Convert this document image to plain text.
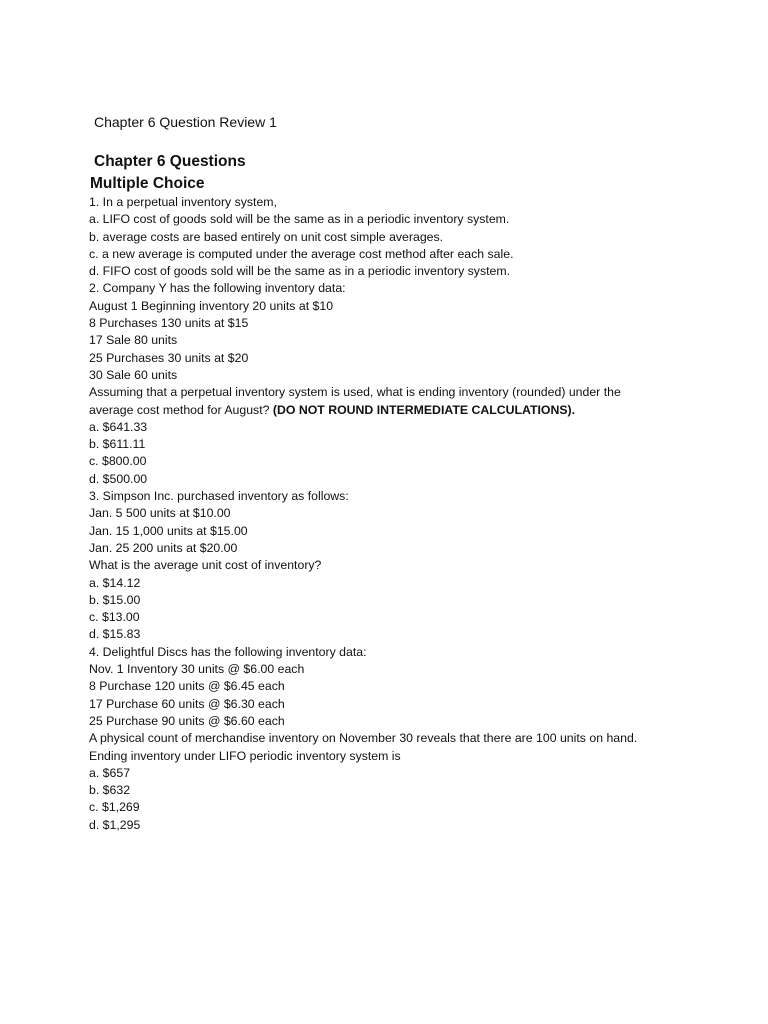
Chapter 6 Question Review 1
Chapter 6 Questions
Multiple Choice
1. In a perpetual inventory system,
a. LIFO cost of goods sold will be the same as in a periodic inventory system.
b. average costs are based entirely on unit cost simple averages.
c. a new average is computed under the average cost method after each sale.
d. FIFO cost of goods sold will be the same as in a periodic inventory system.
2. Company Y has the following inventory data:
August 1 Beginning inventory 20 units at $10
8 Purchases 130 units at $15
17 Sale 80 units
25 Purchases 30 units at $20
30 Sale 60 units
Assuming that a perpetual inventory system is used, what is ending inventory (rounded) under the
average cost method for August? (DO NOT ROUND INTERMEDIATE CALCULATIONS).
a. $641.33
b. $611.11
c. $800.00
d. $500.00
3. Simpson Inc. purchased inventory as follows:
Jan. 5 500 units at $10.00
Jan. 15 1,000 units at $15.00
Jan. 25 200 units at $20.00
What is the average unit cost of inventory?
a. $14.12
b. $15.00
c. $13.00
d. $15.83
4. Delightful Discs has the following inventory data:
Nov. 1 Inventory 30 units @ $6.00 each
8 Purchase 120 units @ $6.45 each
17 Purchase 60 units @ $6.30 each
25 Purchase 90 units @ $6.60 each
A physical count of merchandise inventory on November 30 reveals that there are 100 units on hand.
Ending inventory under LIFO periodic inventory system is
a. $657
b. $632
c. $1,269
d. $1,295
